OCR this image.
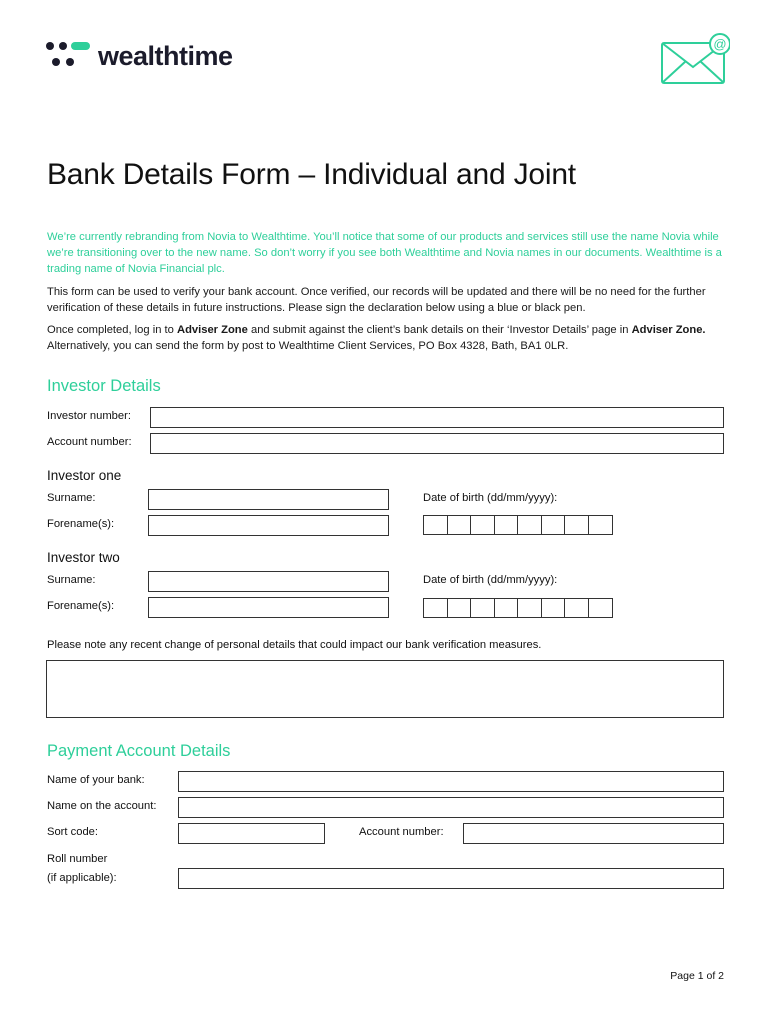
wealthtime	@
Bank Details Form – Individual and Joint

We’re currently rebranding from Novia to Wealthtime. You’ll notice that some of our products and services still use the name Novia while we’re transitioning over to the new name. So don’t worry if you see both Wealthtime and Novia names in our documents. Wealthtime is a trading name of Novia Financial plc.

This form can be used to verify your bank account. Once verified, our records will be updated and there will be no need for the further verification of these details in future instructions. Please sign the declaration below using a blue or black pen.

Once completed, log in to Adviser Zone and submit against the client’s bank details on their ‘Investor Details’ page in Adviser Zone. Alternatively, you can send the form by post to Wealthtime Client Services, PO Box 4328, Bath, BA1 0LR.

Investor Details
Investor number:
Account number:
Investor one
Surname:	Date of birth (dd/mm/yyyy):
Forename(s):
Investor two
Surname:	Date of birth (dd/mm/yyyy):
Forename(s):
Please note any recent change of personal details that could impact our bank verification measures.
Payment Account Details
Name of your bank:
Name on the account:
Sort code:	Account number:
Roll number
(if applicable):
Page 1 of 2
